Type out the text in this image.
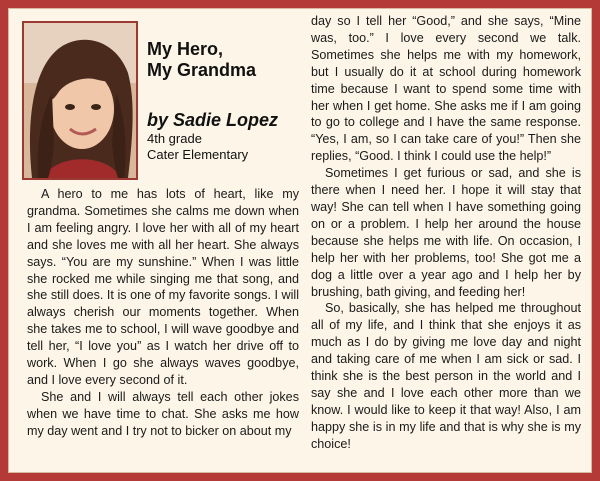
My Hero,
My Grandma
by Sadie Lopez
4th grade
Cater Elementary

A hero to me has lots of heart, like my grandma. Sometimes she calms me down when I am feeling angry. I love her with all of my heart and she loves me with all her heart. She always says. “You are my sunshine.” When I was little she rocked me while singing me that song, and she still does. It is one of my favorite songs. I will always cherish our moments together. When she takes me to school, I will wave goodbye and tell her, “I love you” as I watch her drive off to work. When I go she always waves goodbye, and I love every second of it.

She and I will always tell each other jokes when we have time to chat. She asks me how my day went and I try not to bicker on about my

day so I tell her “Good,” and she says, “Mine was, too.” I love every second we talk. Sometimes she helps me with my homework, but I usually do it at school during homework time because I want to spend some time with her when I get home. She asks me if I am going to go to college and I have the same response. “Yes, I am, so I can take care of you!” Then she replies, “Good. I think I could use the help!”

Sometimes I get furious or sad, and she is there when I need her. I hope it will stay that way! She can tell when I have something going on or a problem. I help her around the house because she helps me with life. On occasion, I help her with her problems, too! She got me a dog a little over a year ago and I help her by brushing, bath giving, and feeding her!

So, basically, she has helped me throughout all of my life, and I think that she enjoys it as much as I do by giving me love day and night and taking care of me when I am sick or sad. I think she is the best person in the world and I say she and I love each other more than we know. I would like to keep it that way! Also, I am happy she is in my life and that is why she is my choice!
